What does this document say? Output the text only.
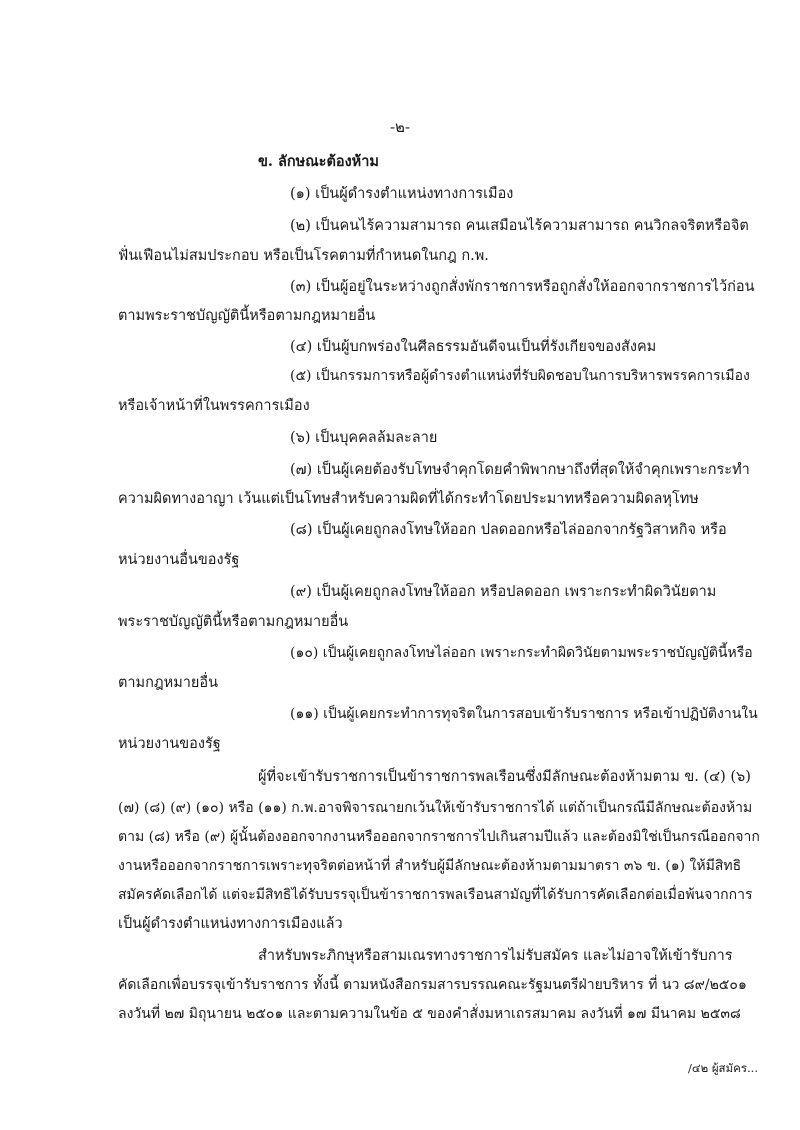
-๒-
ข. ลักษณะต้องห้าม
(๑) เป็นผู้ดำรงตำแหน่งทางการเมือง
(๒) เป็นคนไร้ความสามารถ คนเสมือนไร้ความสามารถ คนวิกลจริตหรือจิต
ฟั่นเฟือนไม่สมประกอบ หรือเป็นโรคตามที่กำหนดในกฎ ก.พ.
(๓) เป็นผู้อยู่ในระหว่างถูกสั่งพักราชการหรือถูกสั่งให้ออกจากราชการไว้ก่อน
ตามพระราชบัญญัตินี้หรือตามกฎหมายอื่น
(๔) เป็นผู้บกพร่องในศีลธรรมอันดีจนเป็นที่รังเกียจของสังคม
(๕) เป็นกรรมการหรือผู้ดำรงตำแหน่งที่รับผิดชอบในการบริหารพรรคการเมือง
หรือเจ้าหน้าที่ในพรรคการเมือง
(๖) เป็นบุคคลล้มละลาย
(๗) เป็นผู้เคยต้องรับโทษจำคุกโดยคำพิพากษาถึงที่สุดให้จำคุกเพราะกระทำ
ความผิดทางอาญา เว้นแต่เป็นโทษสำหรับความผิดที่ได้กระทำโดยประมาทหรือความผิดลหุโทษ
(๘) เป็นผู้เคยถูกลงโทษให้ออก ปลดออกหรือไล่ออกจากรัฐวิสาหกิจ หรือ
หน่วยงานอื่นของรัฐ
(๙) เป็นผู้เคยถูกลงโทษให้ออก หรือปลดออก เพราะกระทำผิดวินัยตาม
พระราชบัญญัตินี้หรือตามกฎหมายอื่น
(๑๐) เป็นผู้เคยถูกลงโทษไล่ออก เพราะกระทำผิดวินัยตามพระราชบัญญัตินี้หรือ
ตามกฎหมายอื่น
(๑๑) เป็นผู้เคยกระทำการทุจริตในการสอบเข้ารับราชการ หรือเข้าปฏิบัติงานใน
หน่วยงานของรัฐ
ผู้ที่จะเข้ารับราชการเป็นข้าราชการพลเรือนซึ่งมีลักษณะต้องห้ามตาม ข. (๔) (๖)
(๗) (๘) (๙) (๑๐) หรือ (๑๑) ก.พ.อาจพิจารณายกเว้นให้เข้ารับราชการได้ แต่ถ้าเป็นกรณีมีลักษณะต้องห้าม
ตาม (๘) หรือ (๙) ผู้นั้นต้องออกจากงานหรือออกจากราชการไปเกินสามปีแล้ว และต้องมิใช่เป็นกรณีออกจาก
งานหรือออกจากราชการเพราะทุจริตต่อหน้าที่ สำหรับผู้มีลักษณะต้องห้ามตามมาตรา ๓๖ ข. (๑) ให้มีสิทธิ
สมัครคัดเลือกได้ แต่จะมีสิทธิได้รับบรรจุเป็นข้าราชการพลเรือนสามัญที่ได้รับการคัดเลือกต่อเมื่อพ้นจากการ
เป็นผู้ดำรงตำแหน่งทางการเมืองแล้ว
สำหรับพระภิกษุหรือสามเณรทางราชการไม่รับสมัคร และไม่อาจให้เข้ารับการ
คัดเลือกเพื่อบรรจุเข้ารับราชการ ทั้งนี้ ตามหนังสือกรมสารบรรณคณะรัฐมนตรีฝ่ายบริหาร ที่ นว ๘๙/๒๕๐๑
ลงวันที่ ๒๗ มิถุนายน ๒๕๐๑ และตามความในข้อ ๕ ของคำสั่งมหาเถรสมาคม ลงวันที่ ๑๗ มีนาคม ๒๕๓๘
/๔๒ ผู้สมัคร...
